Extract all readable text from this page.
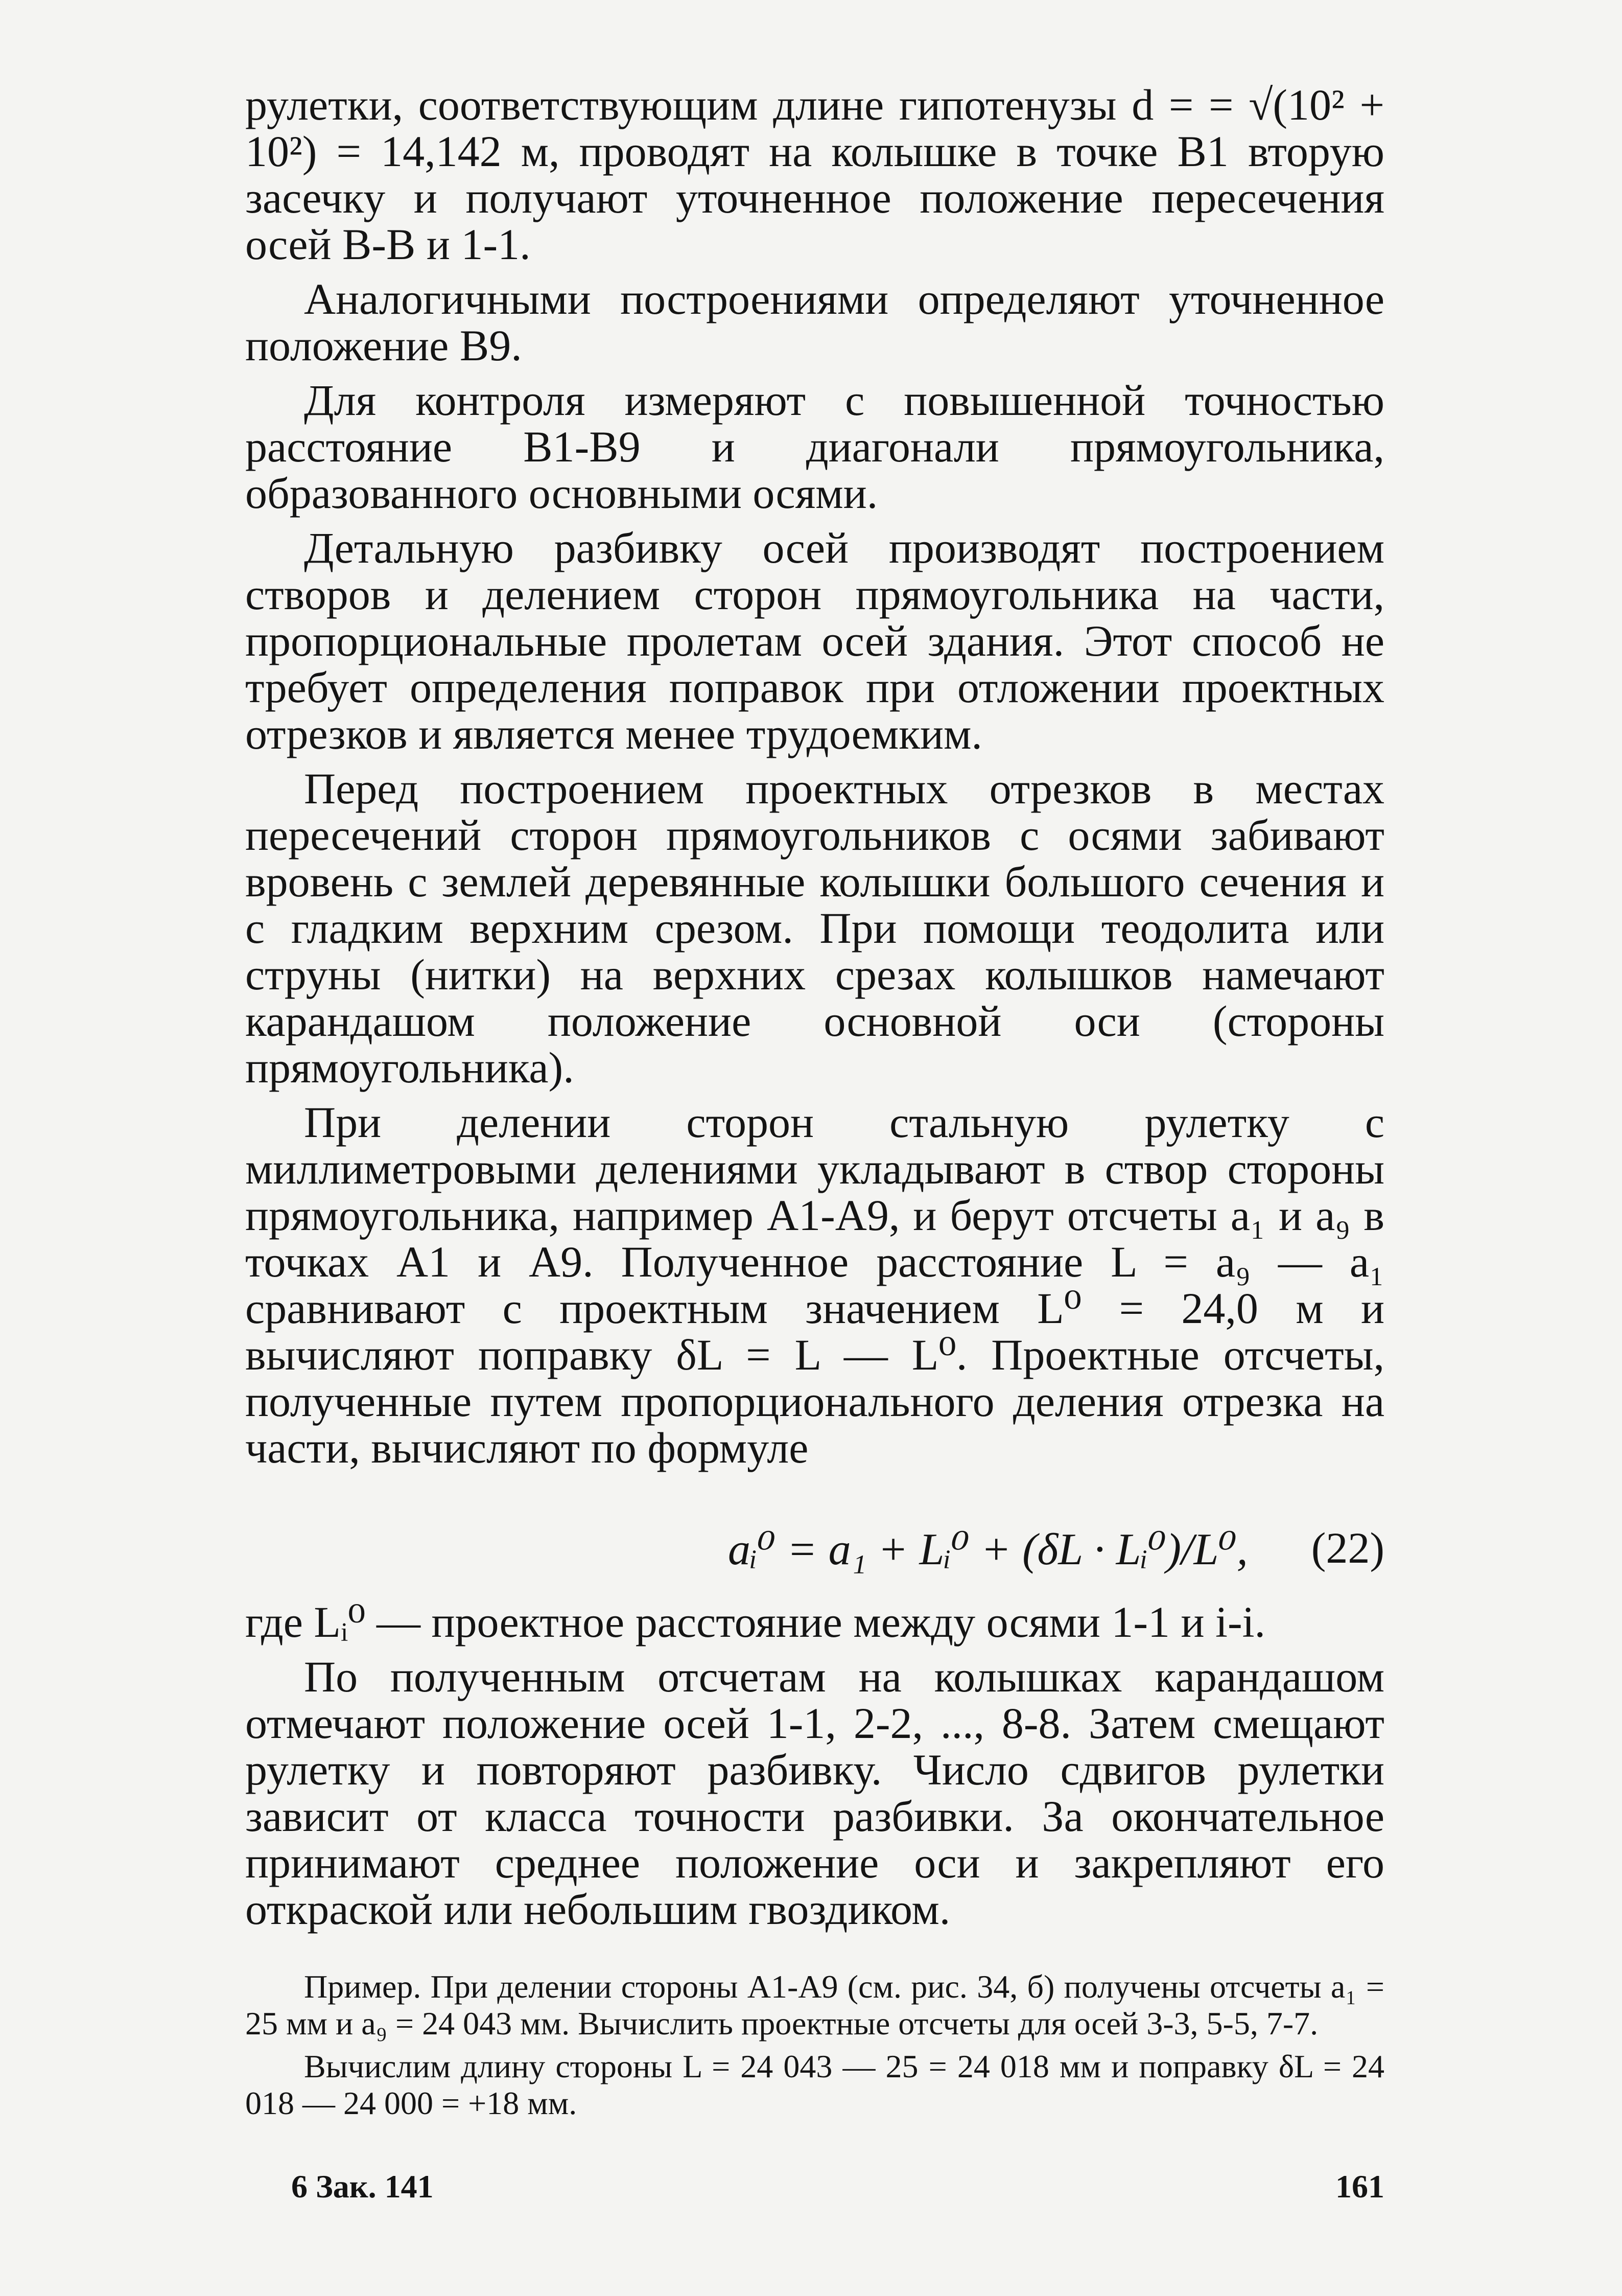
рулетки, соответствующим длине гипотенузы d = = √(10² + 10²) = 14,142 м, проводят на колышке в точке B1 вторую засечку и получают уточненное положение пересечения осей B-B и 1-1.

Аналогичными построениями определяют уточненное положение B9.

Для контроля измеряют с повышенной точностью расстояние B1-B9 и диагонали прямоугольника, образованного основными осями.

Детальную разбивку осей производят построением створов и делением сторон прямоугольника на части, пропорциональные пролетам осей здания. Этот способ не требует определения поправок при отложении проектных отрезков и является менее трудоемким.

Перед построением проектных отрезков в местах пересечений сторон прямоугольников с осями забивают вровень с землей деревянные колышки большого сечения и с гладким верхним срезом. При помощи теодолита или струны (нитки) на верхних срезах колышков намечают карандашом положение основной оси (стороны прямоугольника).

При делении сторон стальную рулетку с миллиметровыми делениями укладывают в створ стороны прямоугольника, например A1-A9, и берут отсчеты a₁ и a₉ в точках A1 и A9. Полученное расстояние L = a₉ — a₁ сравнивают с проектным значением L⁰ = 24,0 м и вычисляют поправку δL = L — L⁰. Проектные отсчеты, полученные путем пропорционального деления отрезка на части, вычисляют по формуле

aᵢ⁰ = a₁ + Lᵢ⁰ + (δL · Lᵢ⁰)/L⁰, (22)

где Lᵢ⁰ — проектное расстояние между осями 1-1 и i-i.

По полученным отсчетам на колышках карандашом отмечают положение осей 1-1, 2-2, ..., 8-8. Затем смещают рулетку и повторяют разбивку. Число сдвигов рулетки зависит от класса точности разбивки. За окончательное принимают среднее положение оси и закрепляют его откраской или небольшим гвоздиком.

Пример. При делении стороны A1-A9 (см. рис. 34, б) получены отсчеты a₁ = 25 мм и a₉ = 24 043 мм. Вычислить проектные отсчеты для осей 3-3, 5-5, 7-7.

Вычислим длину стороны L = 24 043 — 25 = 24 018 мм и поправку δL = 24 018 — 24 000 = +18 мм.

6 Зак. 141	161
